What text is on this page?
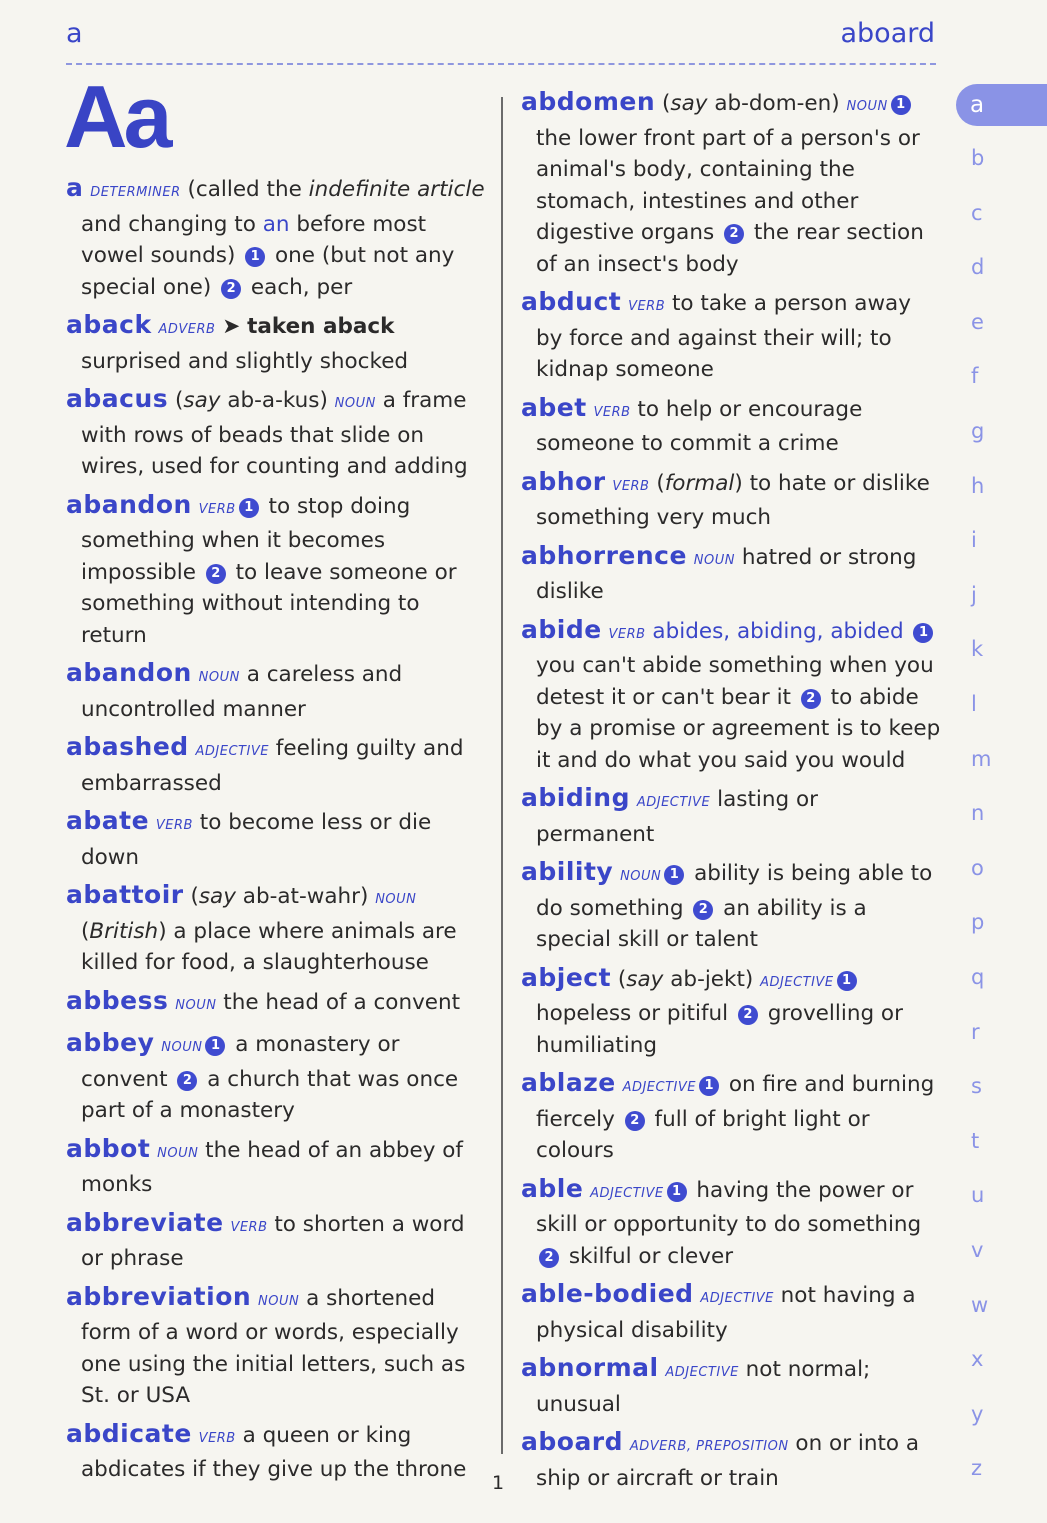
a	aboard
Aa
a DETERMINER (called the indefinite article and changing to an before most vowel sounds) 1 one (but not any special one) 2 each, per
aback ADVERB ➤ taken aback surprised and slightly shocked
abacus (say ab-a-kus) NOUN a frame with rows of beads that slide on wires, used for counting and adding
abandon VERB 1 to stop doing something when it becomes impossible 2 to leave someone or something without intending to return
abandon NOUN a careless and uncontrolled manner
abashed ADJECTIVE feeling guilty and embarrassed
abate VERB to become less or die down
abattoir (say ab-at-wahr) NOUN (British) a place where animals are killed for food, a slaughterhouse
abbess NOUN the head of a convent
abbey NOUN 1 a monastery or convent 2 a church that was once part of a monastery
abbot NOUN the head of an abbey of monks
abbreviate VERB to shorten a word or phrase
abbreviation NOUN a shortened form of a word or words, especially one using the initial letters, such as St. or USA
abdicate VERB a queen or king abdicates if they give up the throne
abdomen (say ab-dom-en) NOUN 1 the lower front part of a person's or animal's body, containing the stomach, intestines and other digestive organs 2 the rear section of an insect's body
abduct VERB to take a person away by force and against their will; to kidnap someone
abet VERB to help or encourage someone to commit a crime
abhor VERB (formal) to hate or dislike something very much
abhorrence NOUN hatred or strong dislike
abide VERB abides, abiding, abided 1 you can't abide something when you detest it or can't bear it 2 to abide by a promise or agreement is to keep it and do what you said you would
abiding ADJECTIVE lasting or permanent
ability NOUN 1 ability is being able to do something 2 an ability is a special skill or talent
abject (say ab-jekt) ADJECTIVE 1 hopeless or pitiful 2 grovelling or humiliating
ablaze ADJECTIVE 1 on fire and burning fiercely 2 full of bright light or colours
able ADJECTIVE 1 having the power or skill or opportunity to do something 2 skilful or clever
able-bodied ADJECTIVE not having a physical disability
abnormal ADJECTIVE not normal; unusual
aboard ADVERB, PREPOSITION on or into a ship or aircraft or train
a
b
c
d
e
f
g
h
i
j
k
l
m
n
o
p
q
r
s
t
u
v
w
x
y
z
1
